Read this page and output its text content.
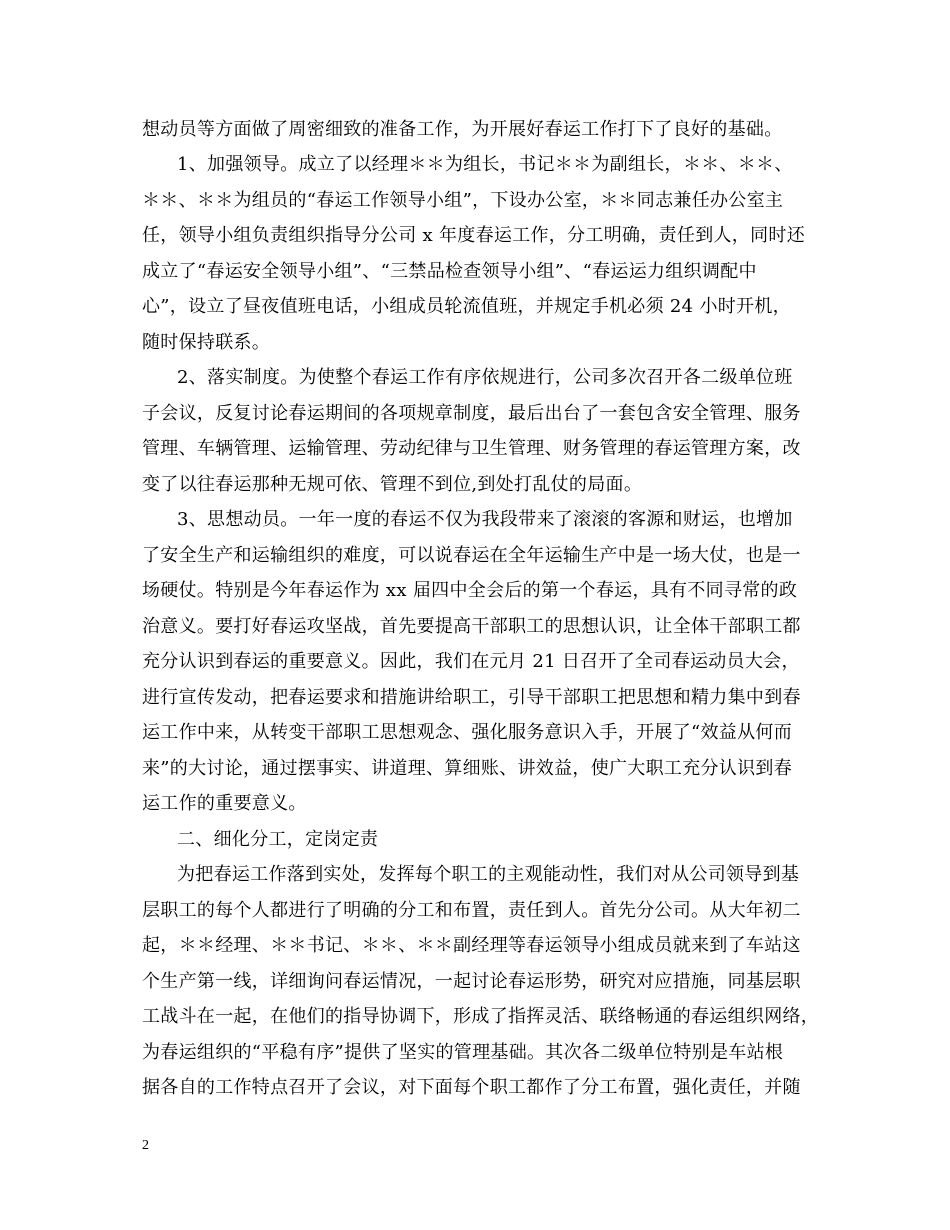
想动员等方面做了周密细致的准备工作，为开展好春运工作打下了良好的基础。
1、加强领导。成立了以经理＊＊为组长，书记＊＊为副组长，＊＊、＊＊、
＊＊、＊＊为组员的“春运工作领导小组”，下设办公室，＊＊同志兼任办公室主
任，领导小组负责组织指导分公司 x 年度春运工作，分工明确，责任到人，同时还
成立了“春运安全领导小组”、“三禁品检查领导小组”、“春运运力组织调配中
心”，设立了昼夜值班电话，小组成员轮流值班，并规定手机必须 24 小时开机，
随时保持联系。
2、落实制度。为使整个春运工作有序依规进行，公司多次召开各二级单位班
子会议，反复讨论春运期间的各项规章制度，最后出台了一套包含安全管理、服务
管理、车辆管理、运输管理、劳动纪律与卫生管理、财务管理的春运管理方案，改
变了以往春运那种无规可依、管理不到位,到处打乱仗的局面。
3、思想动员。一年一度的春运不仅为我段带来了滚滚的客源和财运，也增加
了安全生产和运输组织的难度，可以说春运在全年运输生产中是一场大仗，也是一
场硬仗。特别是今年春运作为 xx 届四中全会后的第一个春运，具有不同寻常的政
治意义。要打好春运攻坚战，首先要提高干部职工的思想认识，让全体干部职工都
充分认识到春运的重要意义。因此，我们在元月 21 日召开了全司春运动员大会，
进行宣传发动，把春运要求和措施讲给职工，引导干部职工把思想和精力集中到春
运工作中来，从转变干部职工思想观念、强化服务意识入手，开展了“效益从何而
来”的大讨论，通过摆事实、讲道理、算细账、讲效益，使广大职工充分认识到春
运工作的重要意义。
二、细化分工，定岗定责
为把春运工作落到实处，发挥每个职工的主观能动性，我们对从公司领导到基
层职工的每个人都进行了明确的分工和布置，责任到人。首先分公司。从大年初二
起，＊＊经理、＊＊书记、＊＊、＊＊副经理等春运领导小组成员就来到了车站这
个生产第一线，详细询问春运情况，一起讨论春运形势，研究对应措施，同基层职
工战斗在一起，在他们的指导协调下，形成了指挥灵活、联络畅通的春运组织网络，
为春运组织的“平稳有序”提供了坚实的管理基础。其次各二级单位特别是车站根
据各自的工作特点召开了会议，对下面每个职工都作了分工布置，强化责任，并随
2
